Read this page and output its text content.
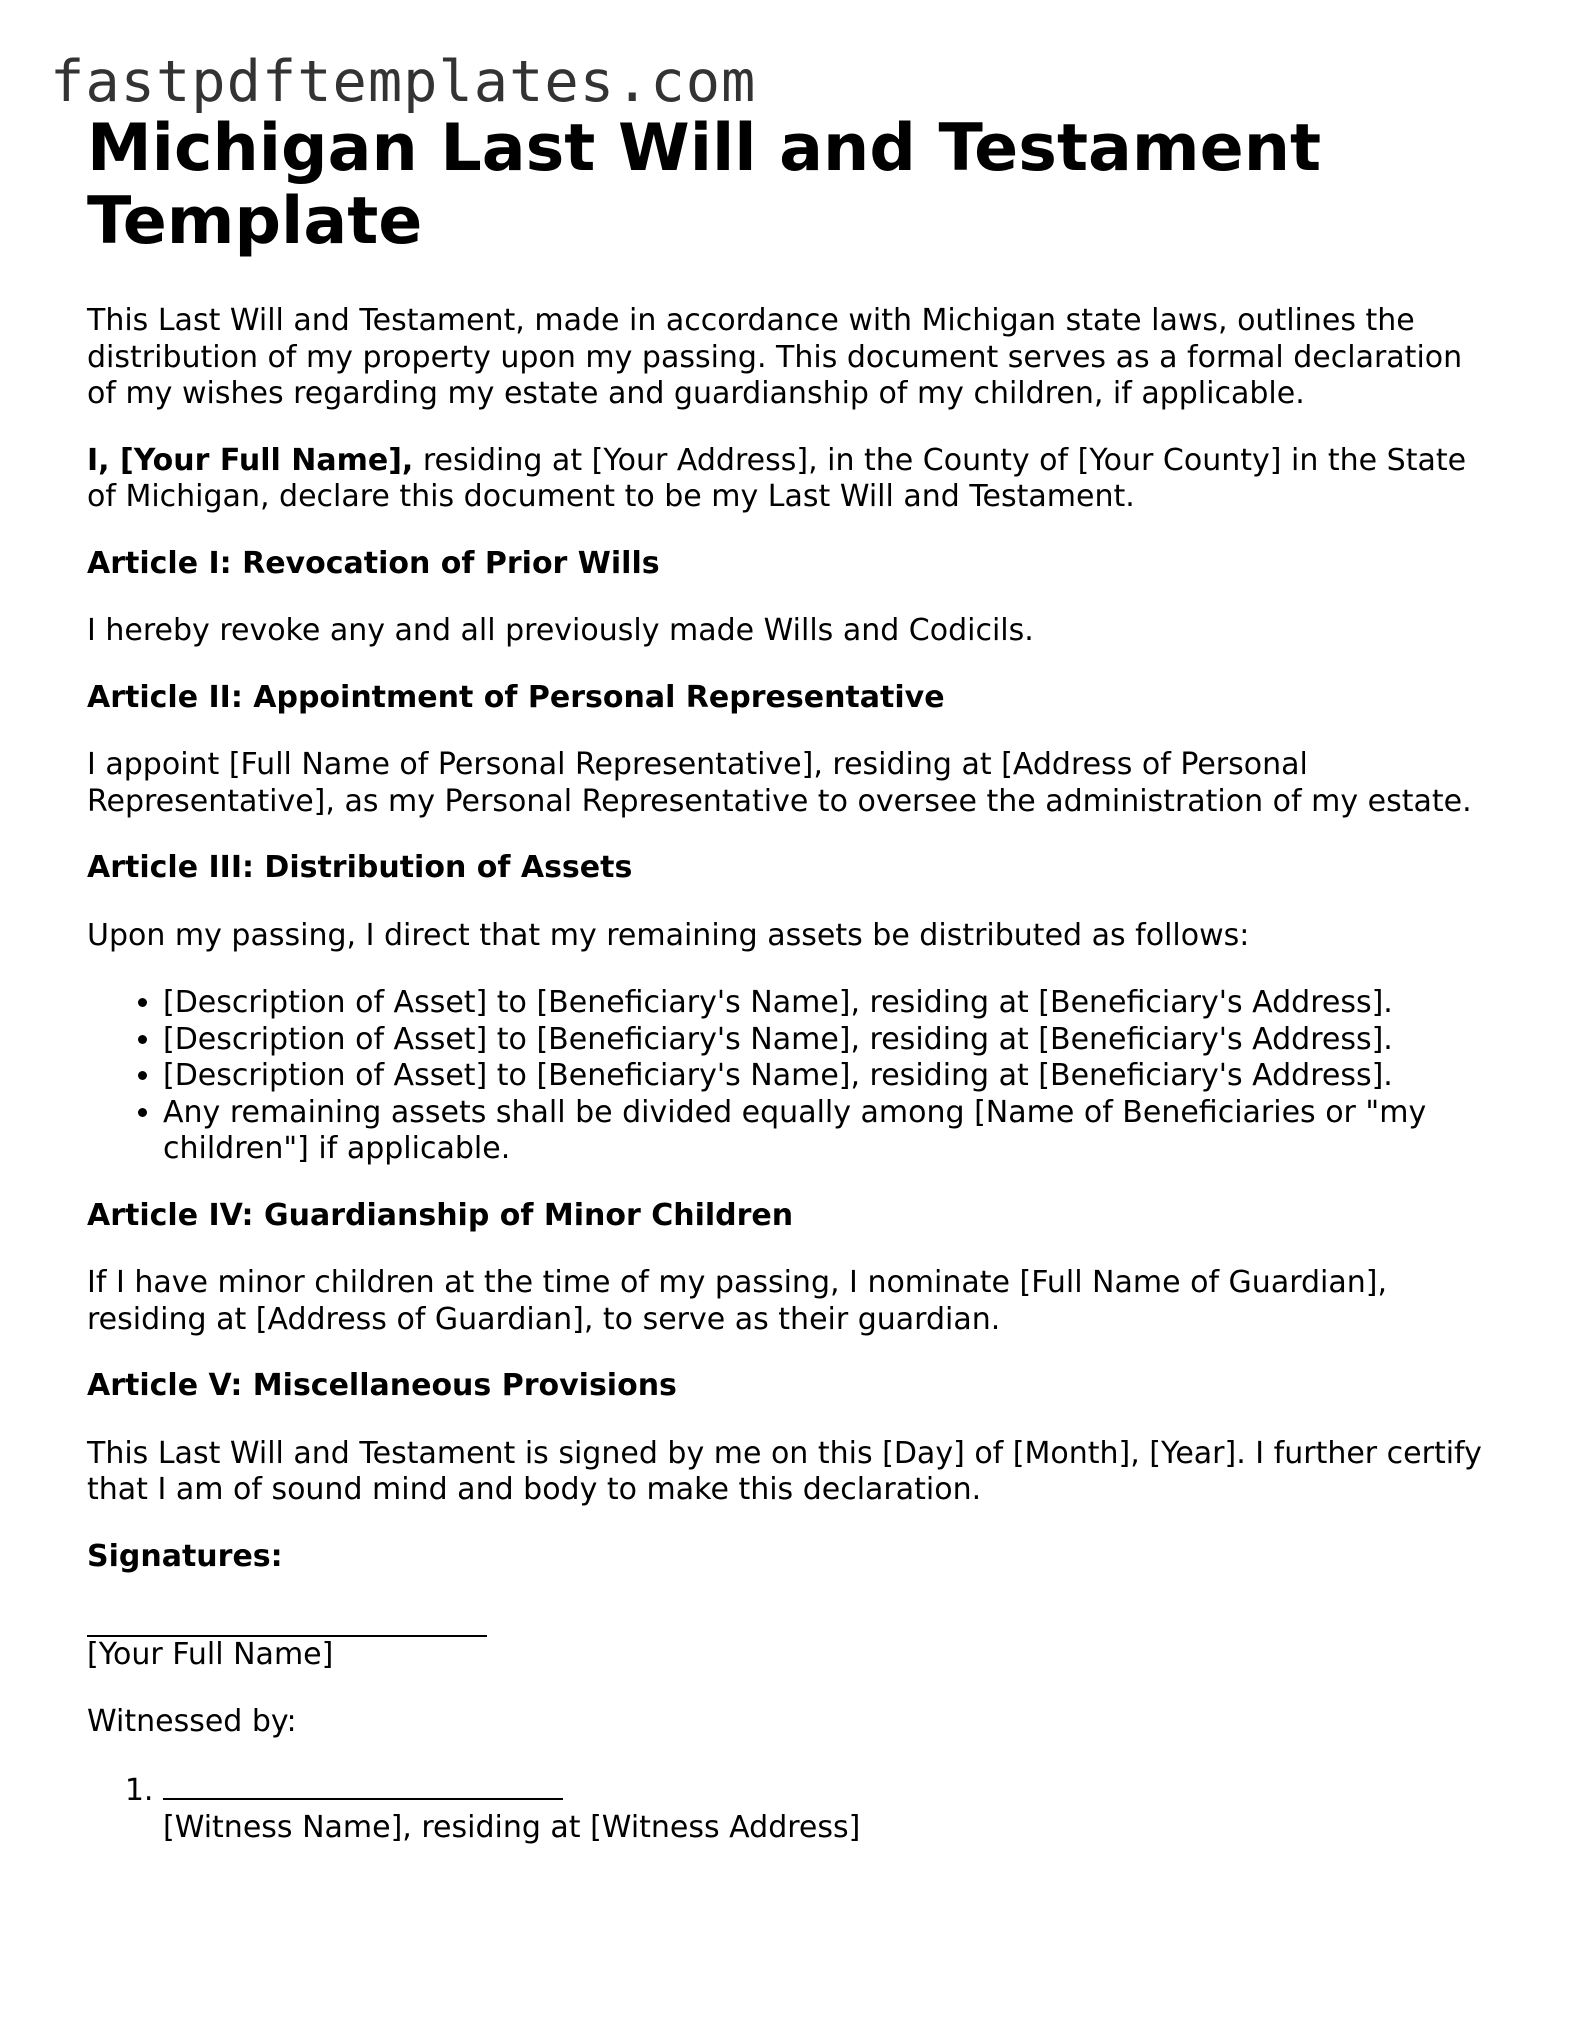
fastpdftemplates.com
Michigan Last Will and Testament Template

This Last Will and Testament, made in accordance with Michigan state laws, outlines the distribution of my property upon my passing. This document serves as a formal declaration of my wishes regarding my estate and guardianship of my children, if applicable.

I, [Your Full Name], residing at [Your Address], in the County of [Your County] in the State of Michigan, declare this document to be my Last Will and Testament.

Article I: Revocation of Prior Wills

I hereby revoke any and all previously made Wills and Codicils.

Article II: Appointment of Personal Representative

I appoint [Full Name of Personal Representative], residing at [Address of Personal Representative], as my Personal Representative to oversee the administration of my estate.

Article III: Distribution of Assets

Upon my passing, I direct that my remaining assets be distributed as follows:

• [Description of Asset] to [Beneficiary's Name], residing at [Beneficiary's Address].
• [Description of Asset] to [Beneficiary's Name], residing at [Beneficiary's Address].
• [Description of Asset] to [Beneficiary's Name], residing at [Beneficiary's Address].
• Any remaining assets shall be divided equally among [Name of Beneficiaries or "my children"] if applicable.

Article IV: Guardianship of Minor Children

If I have minor children at the time of my passing, I nominate [Full Name of Guardian], residing at [Address of Guardian], to serve as their guardian.

Article V: Miscellaneous Provisions

This Last Will and Testament is signed by me on this [Day] of [Month], [Year]. I further certify that I am of sound mind and body to make this declaration.

Signatures:

[Your Full Name]

Witnessed by:

1. [Witness Name], residing at [Witness Address]
